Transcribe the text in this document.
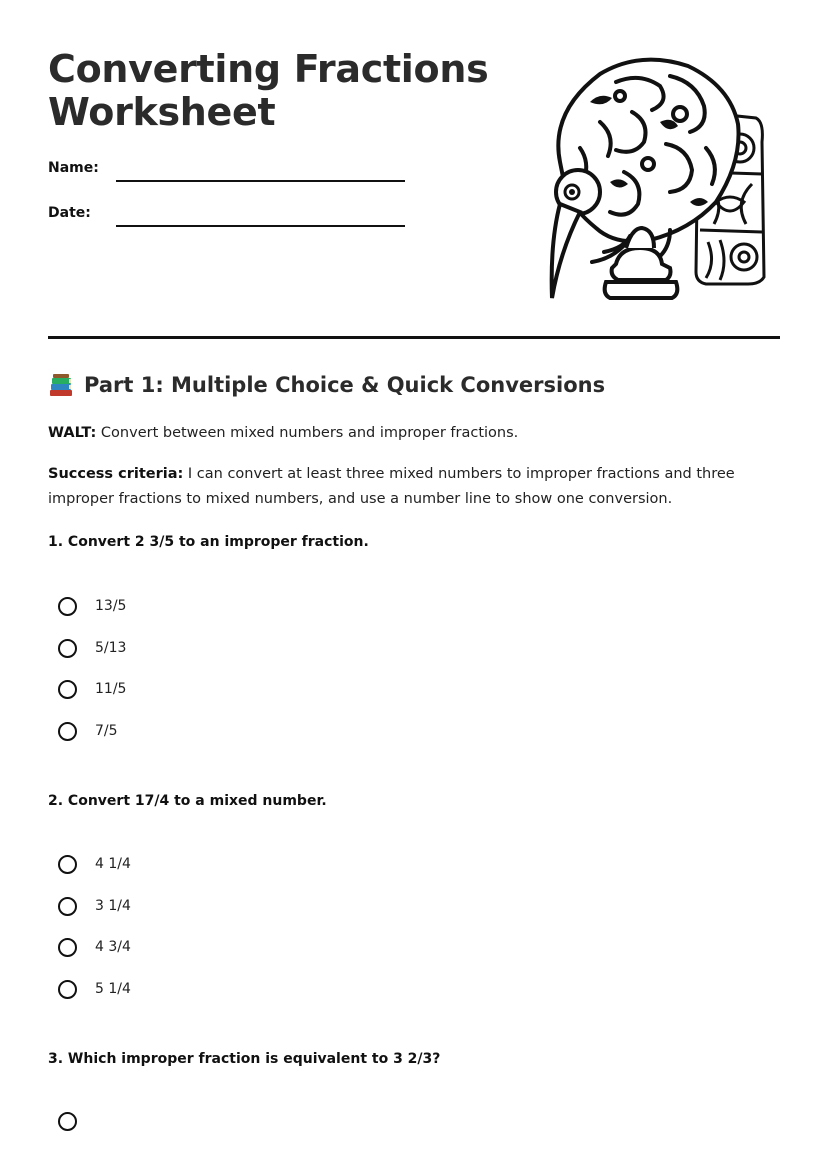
Converting Fractions
Worksheet
Name:
Date:
Part 1: Multiple Choice & Quick Conversions

WALT: Convert between mixed numbers and improper fractions.

Success criteria: I can convert at least three mixed numbers to improper fractions and three improper fractions to mixed numbers, and use a number line to show one conversion.

1. Convert 2 3/5 to an improper fraction.

13/5
5/13
11/5
7/5

2. Convert 17/4 to a mixed number.

4 1/4
3 1/4
4 3/4
5 1/4

3. Which improper fraction is equivalent to 3 2/3?
